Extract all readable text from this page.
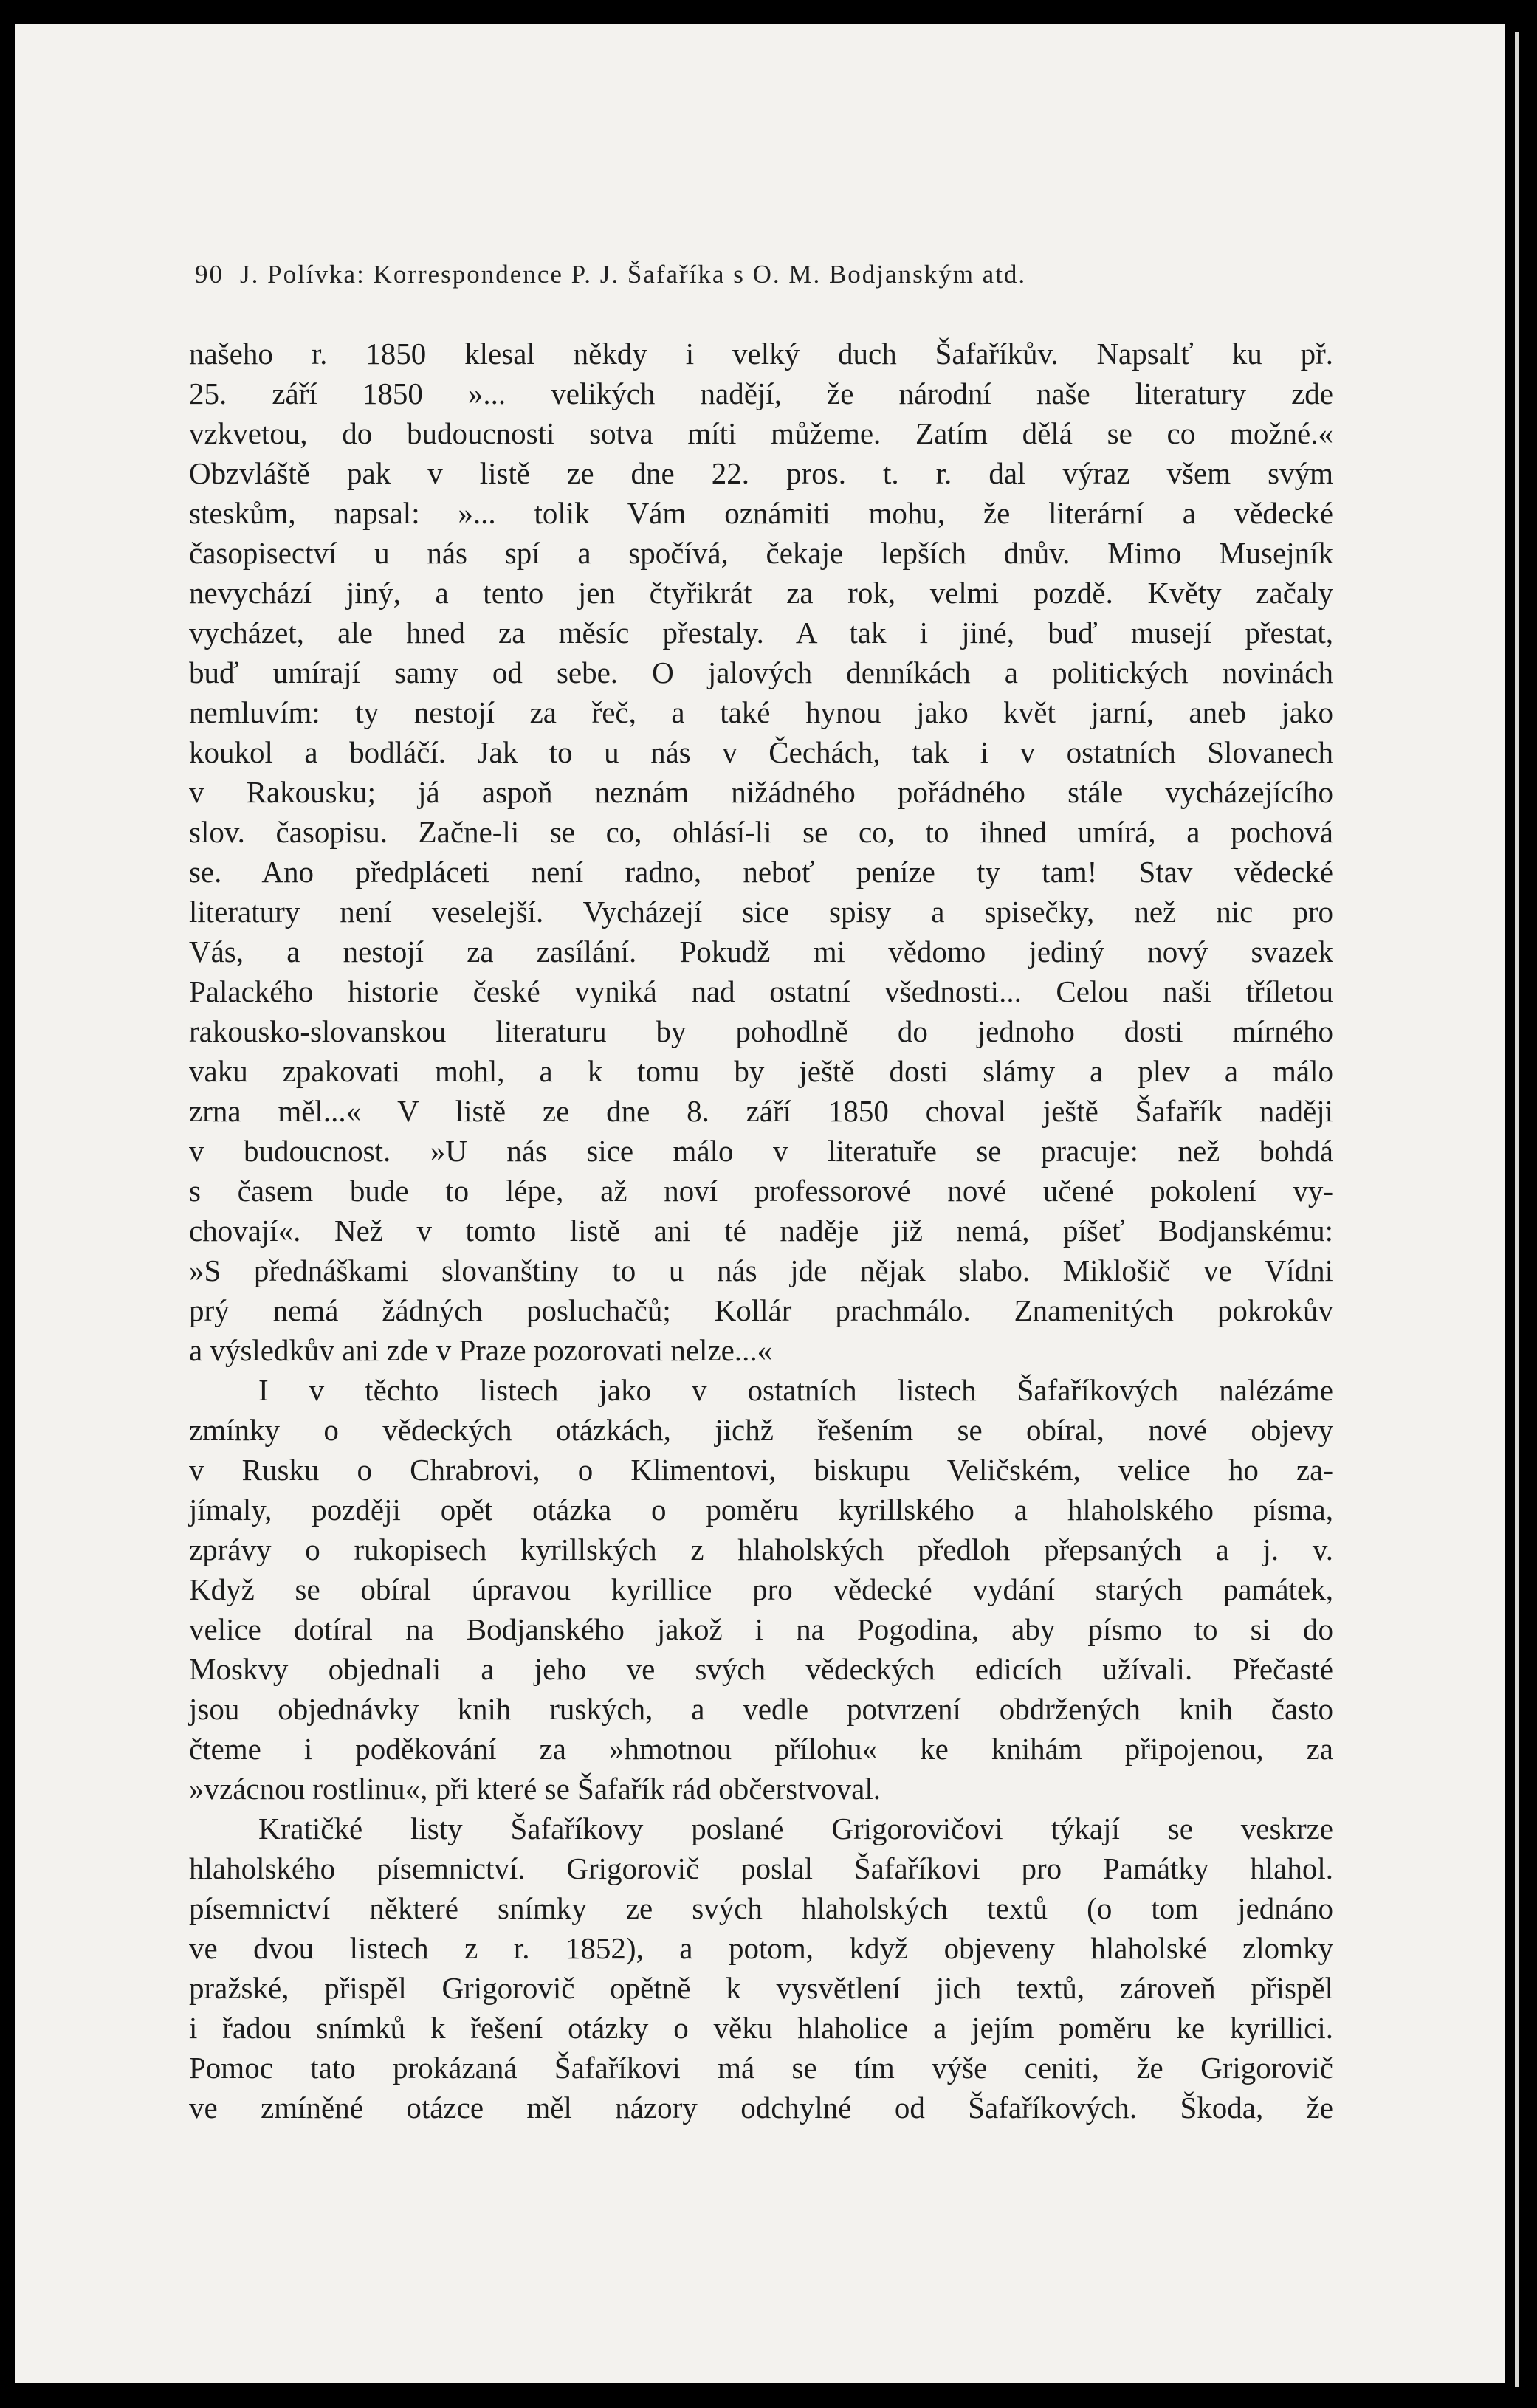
90 J. Polívka: Korrespondence P. J. Šafaříka s O. M. Bodjanským atd.
našeho r. 1850 klesal někdy i velký duch Šafaříkův. Napsalť ku př.
25. září 1850 »... velikých nadějí, že národní naše literatury zde
vzkvetou, do budoucnosti sotva míti můžeme. Zatím dělá se co možné.«
Obzvláště pak v listě ze dne 22. pros. t. r. dal výraz všem svým
steskům, napsal: »... tolik Vám oznámiti mohu, že literární a vědecké
časopisectví u nás spí a spočívá, čekaje lepších dnův. Mimo Musejník
nevychází jiný, a tento jen čtyřikrát za rok, velmi pozdě. Květy začaly
vycházet, ale hned za měsíc přestaly. A tak i jiné, buď musejí přestat,
buď umírají samy od sebe. O jalových denníkách a politických novinách
nemluvím: ty nestojí za řeč, a také hynou jako květ jarní, aneb jako
koukol a bodláčí. Jak to u nás v Čechách, tak i v ostatních Slovanech
v Rakousku; já aspoň neznám nižádného pořádného stále vycházejícího
slov. časopisu. Začne-li se co, ohlásí-li se co, to ihned umírá, a pochová
se. Ano předpláceti není radno, neboť peníze ty tam! Stav vědecké
literatury není veselejší. Vycházejí sice spisy a spisečky, než nic pro
Vás, a nestojí za zasílání. Pokudž mi vědomo jediný nový svazek
Palackého historie české vyniká nad ostatní všednosti... Celou naši tříletou
rakousko-slovanskou literaturu by pohodlně do jednoho dosti mírného
vaku zpakovati mohl, a k tomu by ještě dosti slámy a plev a málo
zrna měl...« V listě ze dne 8. září 1850 choval ještě Šafařík naději
v budoucnost. »U nás sice málo v literatuře se pracuje: než bohdá
s časem bude to lépe, až noví professorové nové učené pokolení vy-
chovají«. Než v tomto listě ani té naděje již nemá, píšeť Bodjanskému:
»S přednáškami slovanštiny to u nás jde nějak slabo. Miklošič ve Vídni
prý nemá žádných posluchačů; Kollár prachmálo. Znamenitých pokrokův
a výsledkův ani zde v Praze pozorovati nelze...«
I v těchto listech jako v ostatních listech Šafaříkových nalézáme
zmínky o vědeckých otázkách, jichž řešením se obíral, nové objevy
v Rusku o Chrabrovi, o Klimentovi, biskupu Veličském, velice ho za-
jímaly, později opět otázka o poměru kyrillského a hlaholského písma,
zprávy o rukopisech kyrillských z hlaholských předloh přepsaných a j. v.
Když se obíral úpravou kyrillice pro vědecké vydání starých památek,
velice dotíral na Bodjanského jakož i na Pogodina, aby písmo to si do
Moskvy objednali a jeho ve svých vědeckých edicích užívali. Přečasté
jsou objednávky knih ruských, a vedle potvrzení obdržených knih často
čteme i poděkování za »hmotnou přílohu« ke knihám připojenou, za
»vzácnou rostlinu«, při které se Šafařík rád občerstvoval.
Kratičké listy Šafaříkovy poslané Grigorovičovi týkají se veskrze
hlaholského písemnictví. Grigorovič poslal Šafaříkovi pro Památky hlahol.
písemnictví některé snímky ze svých hlaholských textů (o tom jednáno
ve dvou listech z r. 1852), a potom, když objeveny hlaholské zlomky
pražské, přispěl Grigorovič opětně k vysvětlení jich textů, zároveň přispěl
i řadou snímků k řešení otázky o věku hlaholice a jejím poměru ke kyrillici.
Pomoc tato prokázaná Šafaříkovi má se tím výše ceniti, že Grigorovič
ve zmíněné otázce měl názory odchylné od Šafaříkových. Škoda, že
